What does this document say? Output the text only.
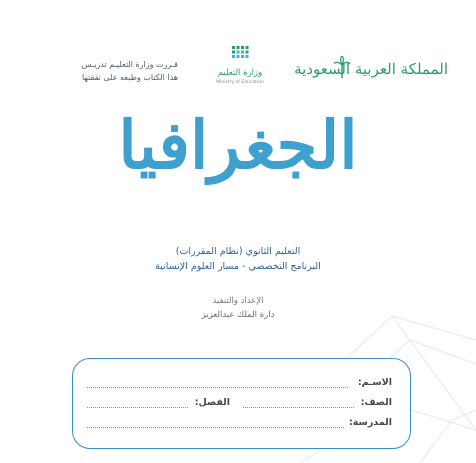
المملكة العربية السعودية
وزارة التعليم
Ministry of Education
قـررت وزارة التعليـم تدريـس
هذا الكتاب وطبعه على نفقتها
الجغرافيا
التعليم الثانوي (نظام المقررات)
البرنامج التخصصي - مسار العلوم الإنسانية
الإعداد والتنفيذ
دارة الملك عبدالعزيز
الاسـم:
الصف:
الفصل:
المدرسة:
